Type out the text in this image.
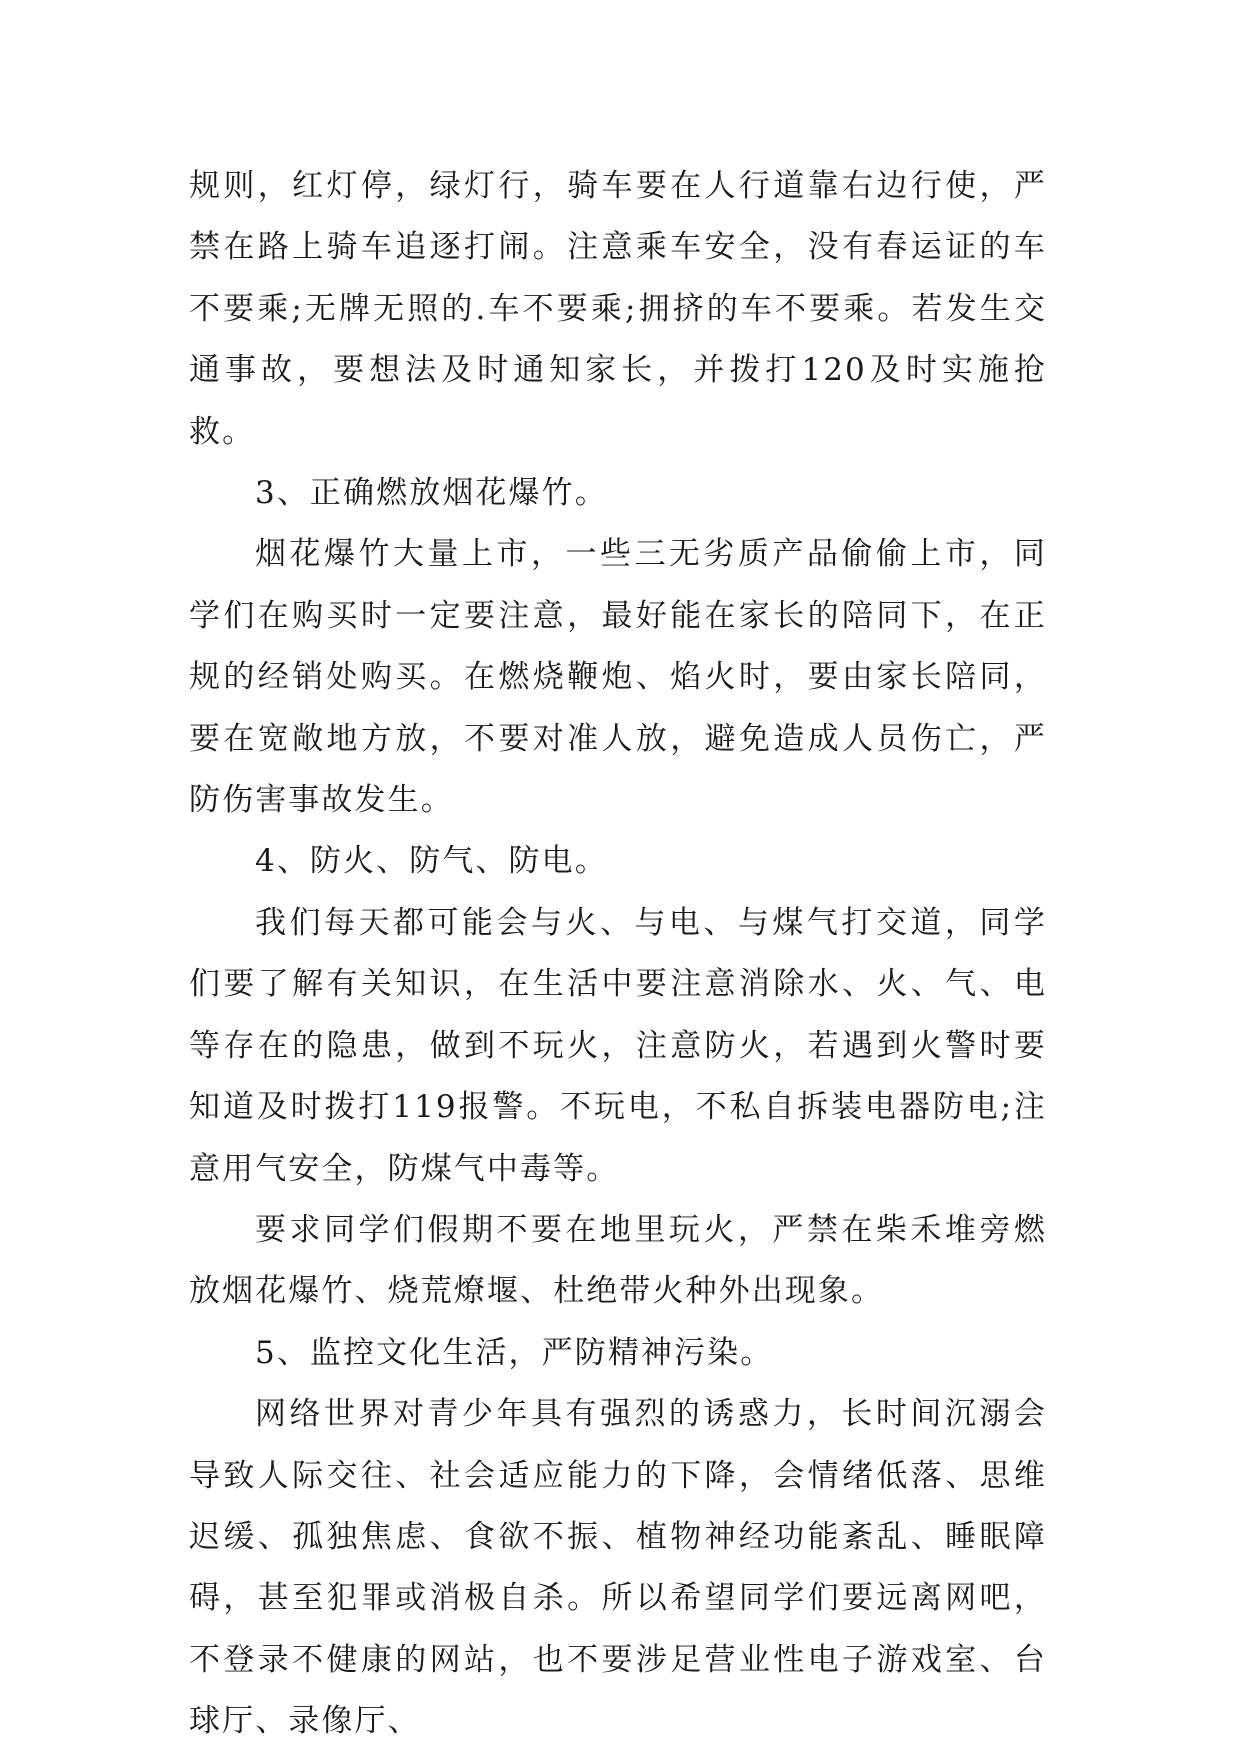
规则，红灯停，绿灯行，骑车要在人行道靠右边行使，严禁在路上骑车追逐打闹。注意乘车安全，没有春运证的车不要乘;无牌无照的.车不要乘;拥挤的车不要乘。若发生交通事故，要想法及时通知家长，并拨打120及时实施抢救。

3、正确燃放烟花爆竹。

烟花爆竹大量上市，一些三无劣质产品偷偷上市，同学们在购买时一定要注意，最好能在家长的陪同下，在正规的经销处购买。在燃烧鞭炮、焰火时，要由家长陪同，要在宽敞地方放，不要对准人放，避免造成人员伤亡，严防伤害事故发生。

4、防火、防气、防电。

我们每天都可能会与火、与电、与煤气打交道，同学们要了解有关知识，在生活中要注意消除水、火、气、电等存在的隐患，做到不玩火，注意防火，若遇到火警时要知道及时拨打119报警。不玩电，不私自拆装电器防电;注意用气安全，防煤气中毒等。

要求同学们假期不要在地里玩火，严禁在柴禾堆旁燃放烟花爆竹、烧荒燎堰、杜绝带火种外出现象。

5、监控文化生活，严防精神污染。

网络世界对青少年具有强烈的诱惑力，长时间沉溺会导致人际交往、社会适应能力的下降，会情绪低落、思维迟缓、孤独焦虑、食欲不振、植物神经功能紊乱、睡眠障碍，甚至犯罪或消极自杀。所以希望同学们要远离网吧，不登录不健康的网站，也不要涉足营业性电子游戏室、台球厅、录像厅、
